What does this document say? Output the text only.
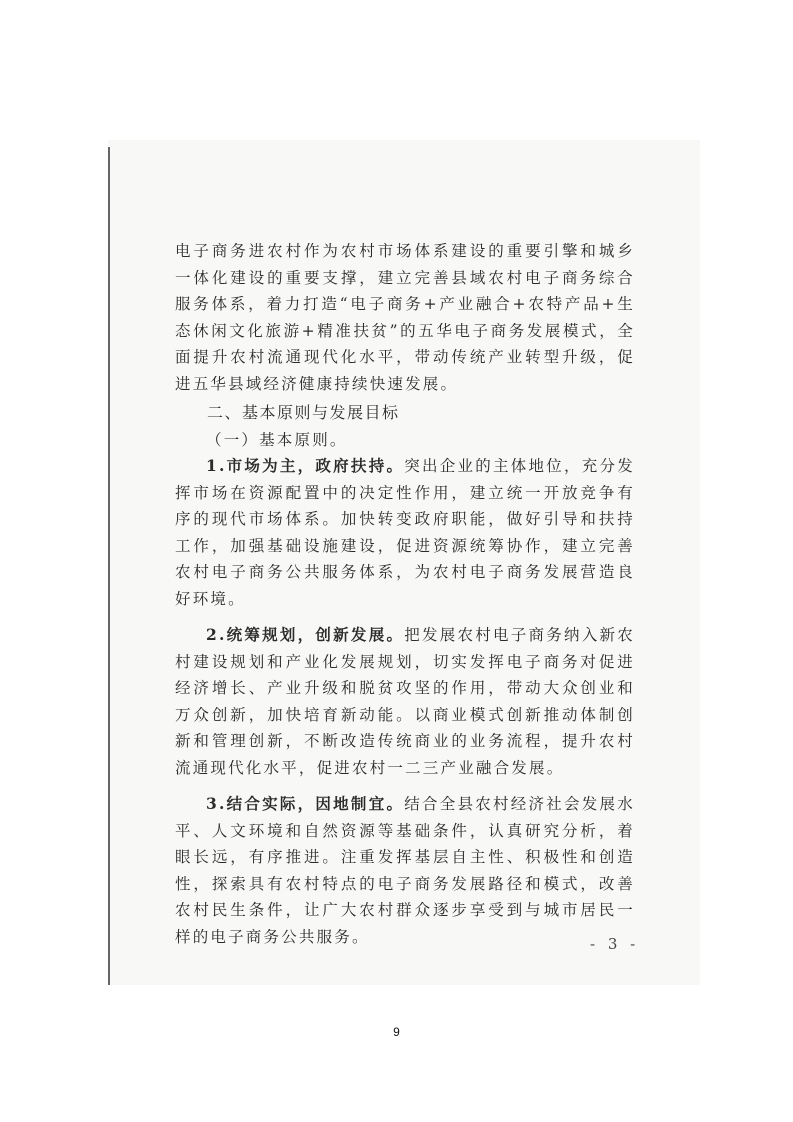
电子商务进农村作为农村市场体系建设的重要引擎和城乡一体化建设的重要支撑，建立完善县域农村电子商务综合服务体系，着力打造“电子商务+产业融合+农特产品+生态休闲文化旅游+精准扶贫”的五华电子商务发展模式，全面提升农村流通现代化水平，带动传统产业转型升级，促进五华县域经济健康持续快速发展。

二、基本原则与发展目标

（一）基本原则。

1.市场为主，政府扶持。突出企业的主体地位，充分发挥市场在资源配置中的决定性作用，建立统一开放竞争有序的现代市场体系。加快转变政府职能，做好引导和扶持工作，加强基础设施建设，促进资源统筹协作，建立完善农村电子商务公共服务体系，为农村电子商务发展营造良好环境。

2.统筹规划，创新发展。把发展农村电子商务纳入新农村建设规划和产业化发展规划，切实发挥电子商务对促进经济增长、产业升级和脱贫攻坚的作用，带动大众创业和万众创新，加快培育新动能。以商业模式创新推动体制创新和管理创新，不断改造传统商业的业务流程，提升农村流通现代化水平，促进农村一二三产业融合发展。

3.结合实际，因地制宜。结合全县农村经济社会发展水平、人文环境和自然资源等基础条件，认真研究分析，着眼长远，有序推进。注重发挥基层自主性、积极性和创造性，探索具有农村特点的电子商务发展路径和模式，改善农村民生条件，让广大农村群众逐步享受到与城市居民一样的电子商务公共服务。	- 3 -
9
